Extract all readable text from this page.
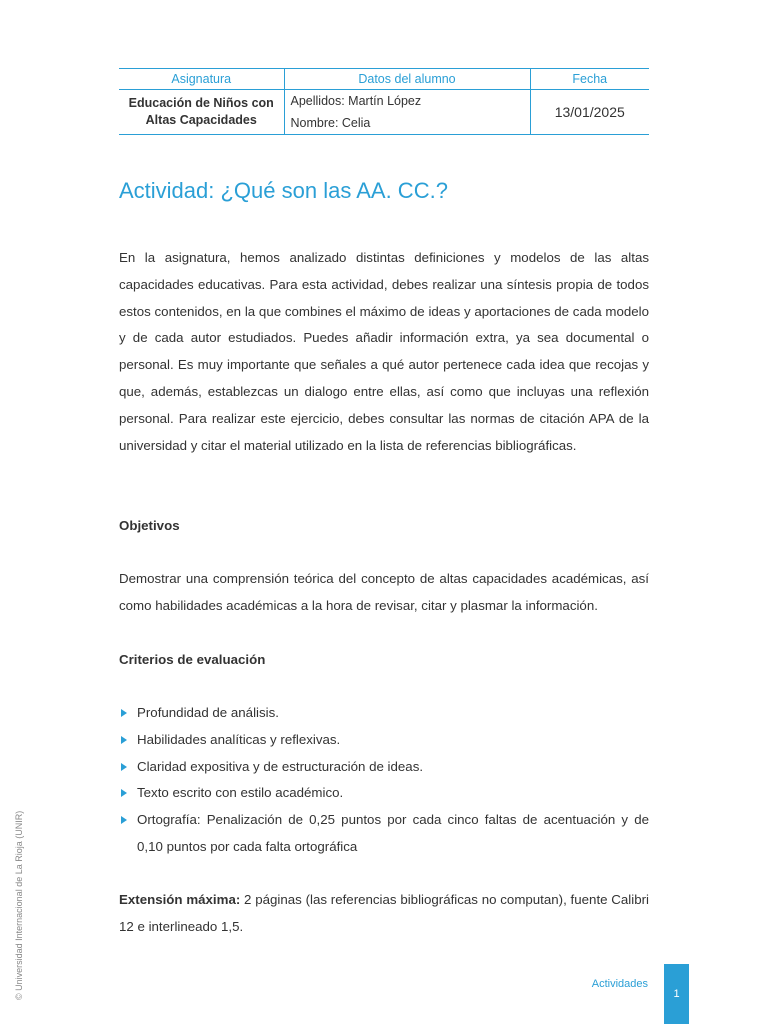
Asignatura	Datos del alumno	Fecha
Educación de Niños con Altas Capacidades	Apellidos: Martín López	13/01/2025
	Nombre: Celia	
Actividad: ¿Qué son las AA. CC.?

En la asignatura, hemos analizado distintas definiciones y modelos de las altas capacidades educativas. Para esta actividad, debes realizar una síntesis propia de todos estos contenidos, en la que combines el máximo de ideas y aportaciones de cada modelo y de cada autor estudiados. Puedes añadir información extra, ya sea documental o personal. Es muy importante que señales a qué autor pertenece cada idea que recojas y que, además, establezcas un dialogo entre ellas, así como que incluyas una reflexión personal. Para realizar este ejercicio, debes consultar las normas de citación APA de la universidad y citar el material utilizado en la lista de referencias bibliográficas.

Objetivos

Demostrar una comprensión teórica del concepto de altas capacidades académicas, así como habilidades académicas a la hora de revisar, citar y plasmar la información.

Criterios de evaluación
Profundidad de análisis.
Habilidades analíticas y reflexivas.
Claridad expositiva y de estructuración de ideas.
Texto escrito con estilo académico.
Ortografía: Penalización de 0,25 puntos por cada cinco faltas de acentuación y de 0,10 puntos por cada falta ortográfica

Extensión máxima: 2 páginas (las referencias bibliográficas no computan), fuente Calibri 12 e interlineado 1,5.

© Universidad Internacional de La Rioja (UNIR)	Actividades
1
